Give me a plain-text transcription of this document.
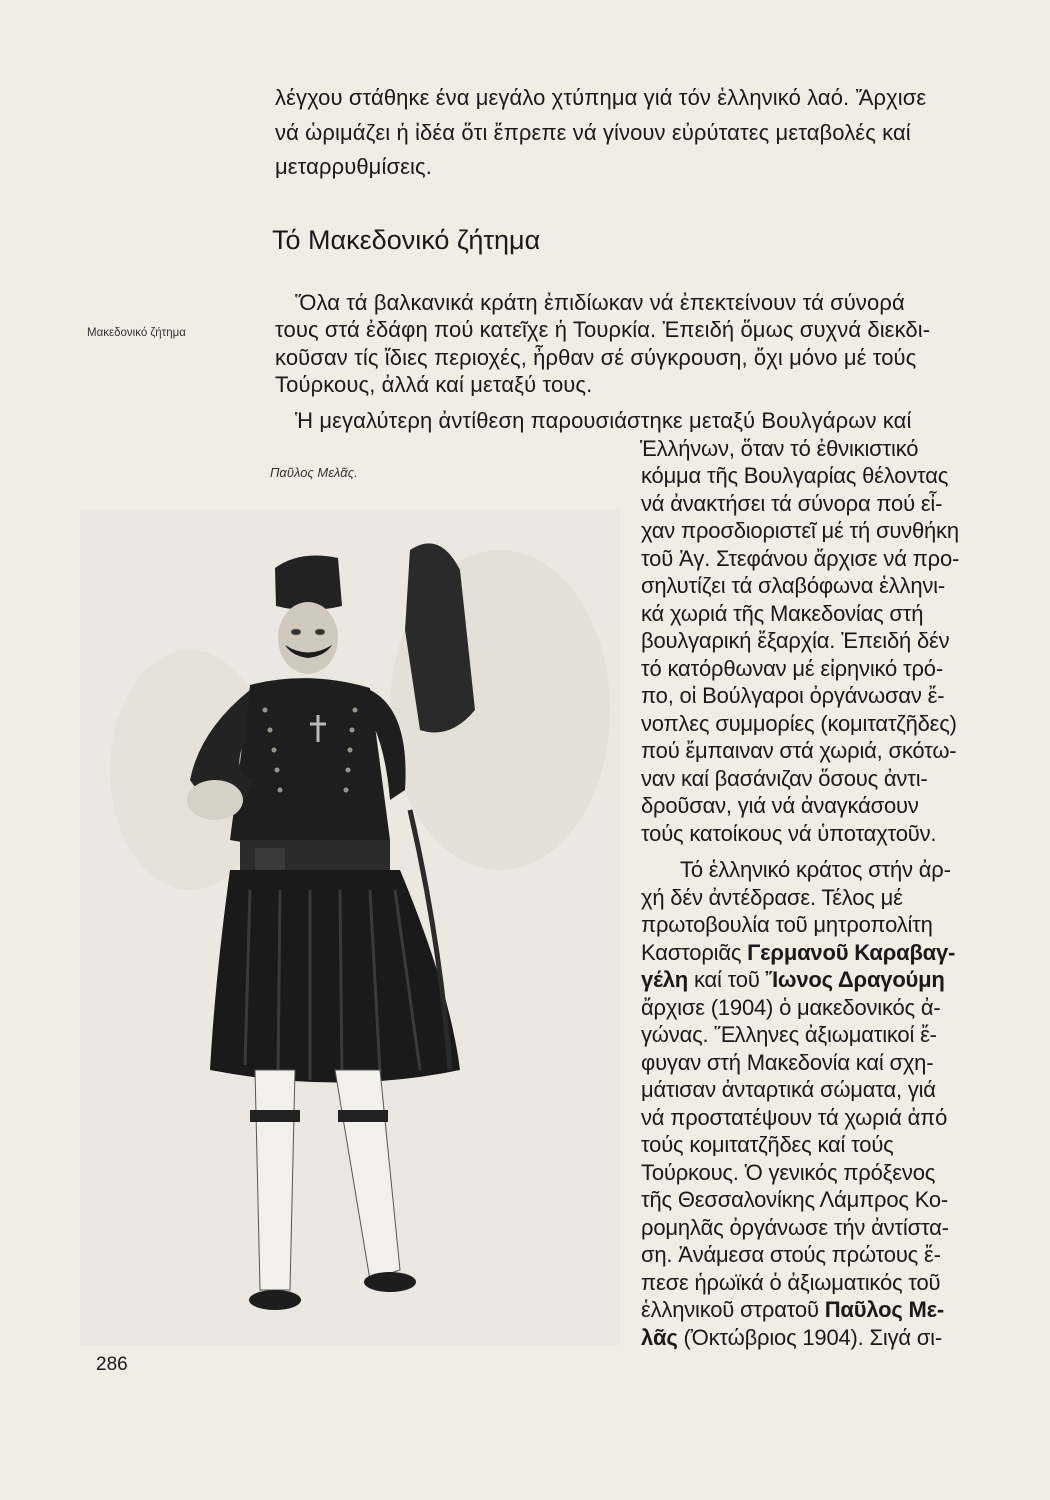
λέγχου στάθηκε ένα μεγάλο χτύπημα γιά τόν ἑλληνικό λαό. Ἄρχισε
νά ὡριμάζει ἡ ἰδέα ὅτι ἔπρεπε νά γίνουν εὐρύτατες μεταβολές καί
μεταρρυθμίσεις.
Τό Μακεδονικό ζήτημα
Μακεδονικό ζήτημα
Ὅλα τά βαλκανικά κράτη ἐπιδίωκαν νά ἐπεκτείνουν τά σύνορά
τους στά ἐδάφη πού κατεῖχε ἡ Τουρκία. Ἐπειδή ὅμως συχνά διεκδι-
κοῦσαν τίς ἴδιες περιοχές, ἦρθαν σέ σύγκρουση, ὄχι μόνο μέ τούς
Τούρκους, ἀλλά καί μεταξύ τους.
Ἡ μεγαλύτερη ἀντίθεση παρουσιάστηκε μεταξύ Βουλγάρων καί
Παῦλος Μελᾶς.
Ἑλλήνων, ὅταν τό ἐθνικιστικό
κόμμα τῆς Βουλγαρίας θέλοντας
νά ἀνακτήσει τά σύνορα πού εἶ-
χαν προσδιοριστεῖ μέ τή συνθήκη
τοῦ Ἁγ. Στεφάνου ἄρχισε νά προ-
σηλυτίζει τά σλαβόφωνα ἑλληνι-
κά χωριά τῆς Μακεδονίας στή
βουλγαρική ἔξαρχία. Ἐπειδή δέν
τό κατόρθωναν μέ εἰρηνικό τρό-
πο, οἱ Βούλγαροι ὀργάνωσαν ἔ-
νοπλες συμμορίες (κομιτατζῆδες)
πού ἔμπαιναν στά χωριά, σκότω-
ναν καί βασάνιζαν ὅσους ἀντι-
δροῦσαν, γιά νά ἀναγκάσουν
τούς κατοίκους νά ὑποταχτοῦν.
Τό ἑλληνικό κράτος στήν ἀρ-
χή δέν ἀντέδρασε. Τέλος μέ
πρωτοβουλία τοῦ μητροπολίτη
Καστοριᾶς Γερμανοῦ Καραβαγ-
γέλη καί τοῦ Ἴωνος Δραγούμη
ἄρχισε (1904) ὁ μακεδονικός ἀ-
γώνας. Ἕλληνες ἀξιωματικοί ἔ-
φυγαν στή Μακεδονία καί σχη-
μάτισαν ἀνταρτικά σώματα, γιά
νά προστατέψουν τά χωριά ἀπό
τούς κομιτατζῆδες καί τούς
Τούρκους. Ὁ γενικός πρόξενος
τῆς Θεσσαλονίκης Λάμπρος Κο-
ρομηλᾶς ὀργάνωσε τήν ἀντίστα-
ση. Ἀνάμεσα στούς πρώτους ἔ-
πεσε ἡρωϊκά ὁ ἀξιωματικός τοῦ
ἑλληνικοῦ στρατοῦ Παῦλος Με-
λᾶς (Ὀκτώβριος 1904). Σιγά σι-
286
